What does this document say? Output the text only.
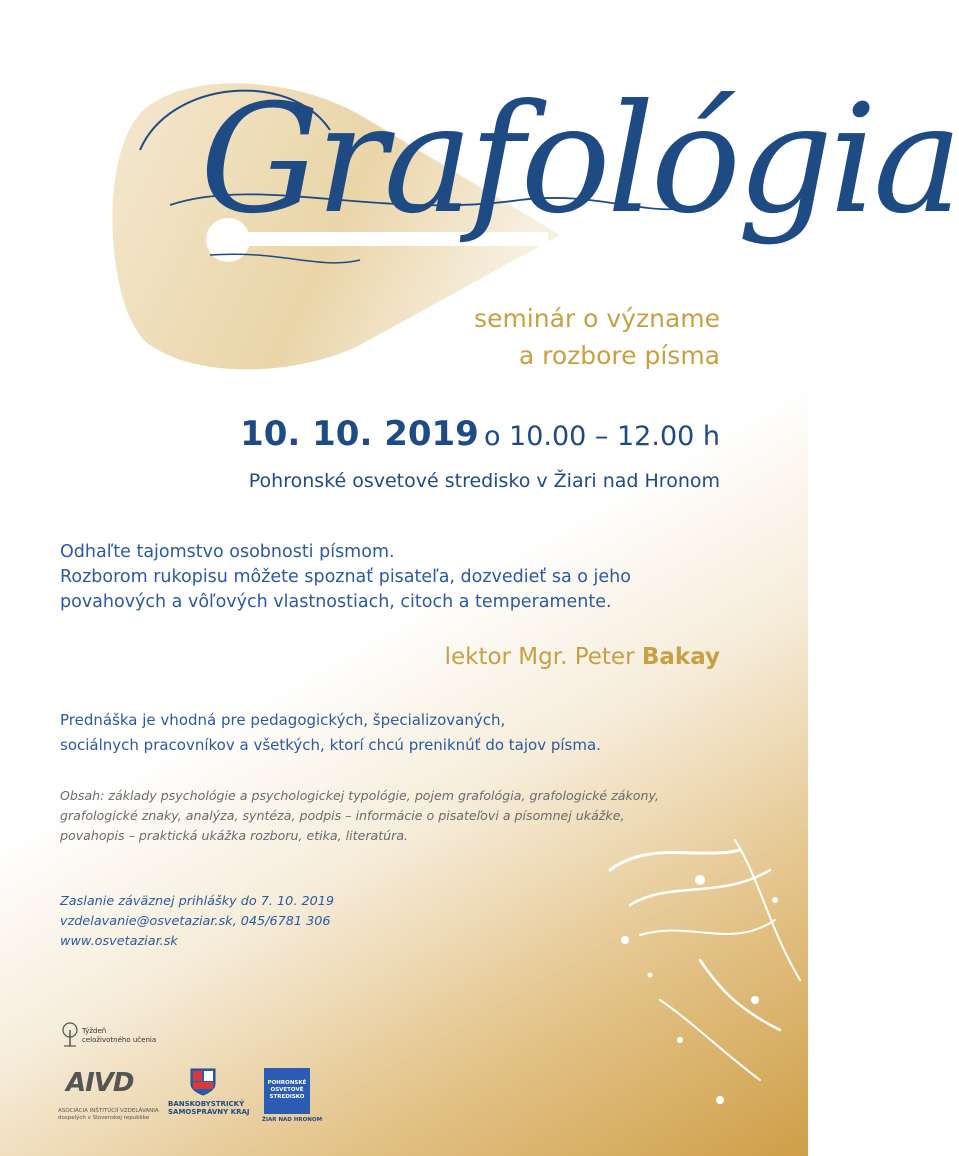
Grafológia
seminár o význame
a rozbore písma
10. 10. 2019 o 10.00 – 12.00 h
Pohronské osvetové stredisko v Žiari nad Hronom
Odhaľte tajomstvo osobnosti písmom.
Rozborom rukopisu môžete spoznať pisateľa, dozvedieť sa o jeho
povahových a vôľových vlastnostiach, citoch a temperamente.
lektor Mgr. Peter Bakay
Prednáška je vhodná pre pedagogických, špecializovaných,
sociálnych pracovníkov a všetkých, ktorí chcú preniknúť do tajov písma.
Obsah: základy psychológie a psychologickej typológie, pojem grafológia, grafologické zákony,
grafologické znaky, analýza, syntéza, podpis – informácie o pisateľovi a písomnej ukážke,
povahopis – praktická ukážka rozboru, etika, literatúra.
Zaslanie záväznej prihlášky do 7. 10. 2019
vzdelavanie@osvetaziar.sk, 045/6781 306
www.osvetaziar.sk
Týždeň
celoživotného učenia
AIVD
ASOCIÁCIA INŠTITÚCIÍ VZDELÁVANIA
dospelých v Slovenskej republike
BANSKOBYSTRICKÝ
SAMOSPRÁVNY KRAJ
POHRONSKÉ
OSVETOVÉ
STREDISKO
ŽIAR NAD HRONOM
